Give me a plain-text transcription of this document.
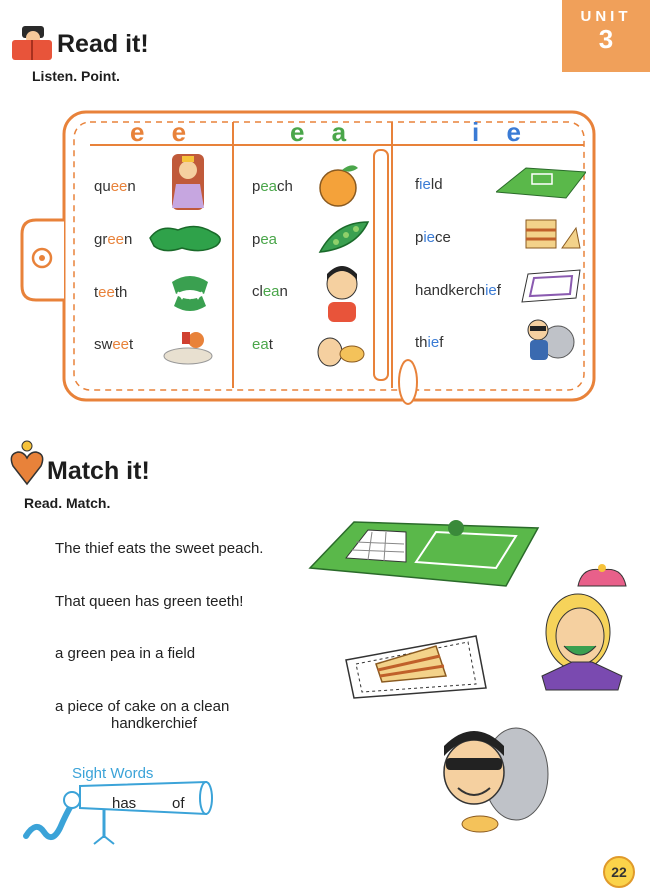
UNIT
3
Read it!
Listen. Point.
e e	e a	i e
queen
green
teeth
sweet
peach
pea
clean
eat
field
piece
handkerchief
thief
Match it!
Read. Match.
The thief eats the sweet peach.
That queen has green teeth!
a green pea in a field
a piece of cake on a clean
handkerchief
Sight Words
has of
22
